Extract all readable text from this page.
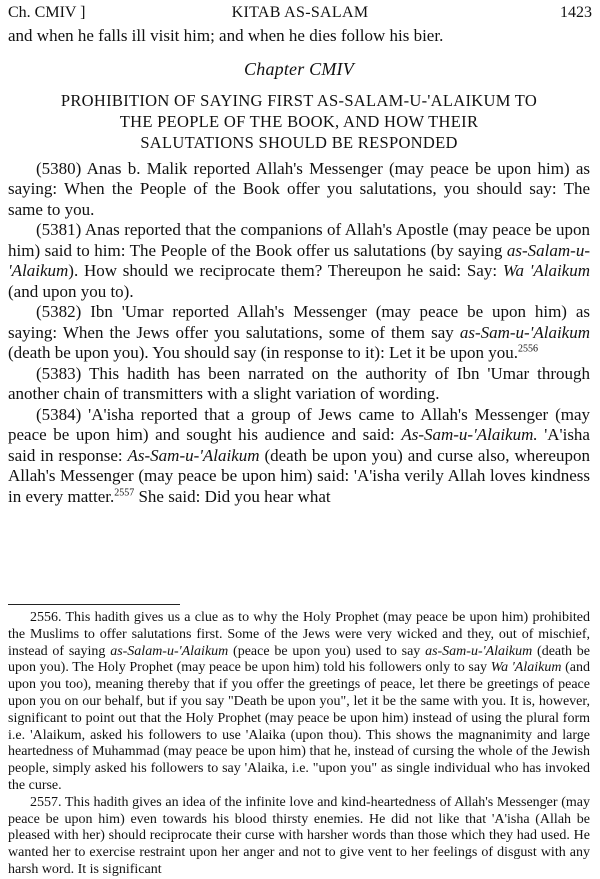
Ch. CMIV ]	KITAB AS-SALAM	1423

and when he falls ill visit him; and when he dies follow his bier.

Chapter CMIV
PROHIBITION OF SAYING FIRST AS-SALAM-U-'ALAIKUM TO
THE PEOPLE OF THE BOOK, AND HOW THEIR
SALUTATIONS SHOULD BE RESPONDED

(5380) Anas b. Malik reported Allah's Messenger (may peace be upon him) as saying: When the People of the Book offer you salutations, you should say: The same to you.

(5381) Anas reported that the companions of Allah's Apostle (may peace be upon him) said to him: The People of the Book offer us salutations (by saying as-Salam-u-'Alaikum). How should we reciprocate them? Thereupon he said: Say: Wa 'Alaikum (and upon you to).

(5382) Ibn 'Umar reported Allah's Messenger (may peace be upon him) as saying: When the Jews offer you salutations, some of them say as-Sam-u-'Alaikum (death be upon you). You should say (in response to it): Let it be upon you.$^{2556}$

(5383) This hadith has been narrated on the authority of Ibn 'Umar through another chain of transmitters with a slight variation of wording.

(5384) 'A'isha reported that a group of Jews came to Allah's Messenger (may peace be upon him) and sought his audience and said: As-Sam-u-'Alaikum. 'A'isha said in response: As-Sam-u-'Alaikum (death be upon you) and curse also, whereupon Allah's Messenger (may peace be upon him) said: 'A'isha verily Allah loves kindness in every matter.$^{2557}$ She said: Did you hear what

2556. This hadith gives us a clue as to why the Holy Prophet (may peace be upon him) prohibited the Muslims to offer salutations first. Some of the Jews were very wicked and they, out of mischief, instead of saying as-Salam-u-'Alaikum (peace be upon you) used to say as-Sam-u-'Alaikum (death be upon you). The Holy Prophet (may peace be upon him) told his followers only to say Wa 'Alaikum (and upon you too), meaning thereby that if you offer the greetings of peace, let there be greetings of peace upon you on our behalf, but if you say "Death be upon you", let it be the same with you. It is, however, significant to point out that the Holy Prophet (may peace be upon him) instead of using the plural form i.e. 'Alaikum, asked his followers to use 'Alaika (upon thou). This shows the magnanimity and large heartedness of Muhammad (may peace be upon him) that he, instead of cursing the whole of the Jewish people, simply asked his followers to say 'Alaika, i.e. "upon you" as single individual who has invoked the curse.

2557. This hadith gives an idea of the infinite love and kind-heartedness of Allah's Messenger (may peace be upon him) even towards his blood thirsty enemies. He did not like that 'A'isha (Allah be pleased with her) should reciprocate their curse with harsher words than those which they had used. He wanted her to exercise restraint upon her anger and not to give vent to her feelings of disgust with any harsh word. It is significant
